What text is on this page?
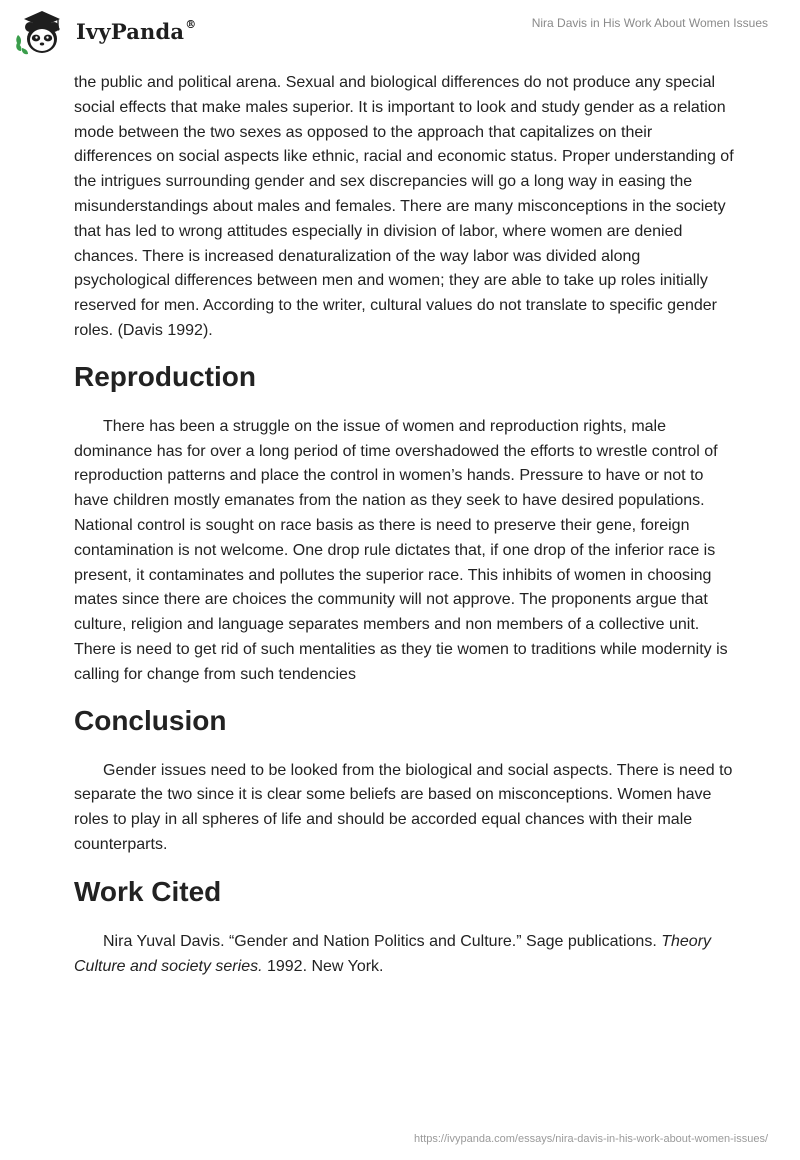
IvyPanda®	Nira Davis in His Work About Women Issues

the public and political arena. Sexual and biological differences do not produce any special social effects that make males superior. It is important to look and study gender as a relation mode between the two sexes as opposed to the approach that capitalizes on their differences on social aspects like ethnic, racial and economic status. Proper understanding of the intrigues surrounding gender and sex discrepancies will go a long way in easing the misunderstandings about males and females. There are many misconceptions in the society that has led to wrong attitudes especially in division of labor, where women are denied chances. There is increased denaturalization of the way labor was divided along psychological differences between men and women; they are able to take up roles initially reserved for men. According to the writer, cultural values do not translate to specific gender roles. (Davis 1992).

Reproduction

There has been a struggle on the issue of women and reproduction rights, male dominance has for over a long period of time overshadowed the efforts to wrestle control of reproduction patterns and place the control in women’s hands. Pressure to have or not to have children mostly emanates from the nation as they seek to have desired populations. National control is sought on race basis as there is need to preserve their gene, foreign contamination is not welcome. One drop rule dictates that, if one drop of the inferior race is present, it contaminates and pollutes the superior race. This inhibits of women in choosing mates since there are choices the community will not approve. The proponents argue that culture, religion and language separates members and non members of a collective unit. There is need to get rid of such mentalities as they tie women to traditions while modernity is calling for change from such tendencies

Conclusion

Gender issues need to be looked from the biological and social aspects. There is need to separate the two since it is clear some beliefs are based on misconceptions. Women have roles to play in all spheres of life and should be accorded equal chances with their male counterparts.

Work Cited

Nira Yuval Davis. “Gender and Nation Politics and Culture.” Sage publications. Theory Culture and society series. 1992. New York.

https://ivypanda.com/essays/nira-davis-in-his-work-about-women-issues/
